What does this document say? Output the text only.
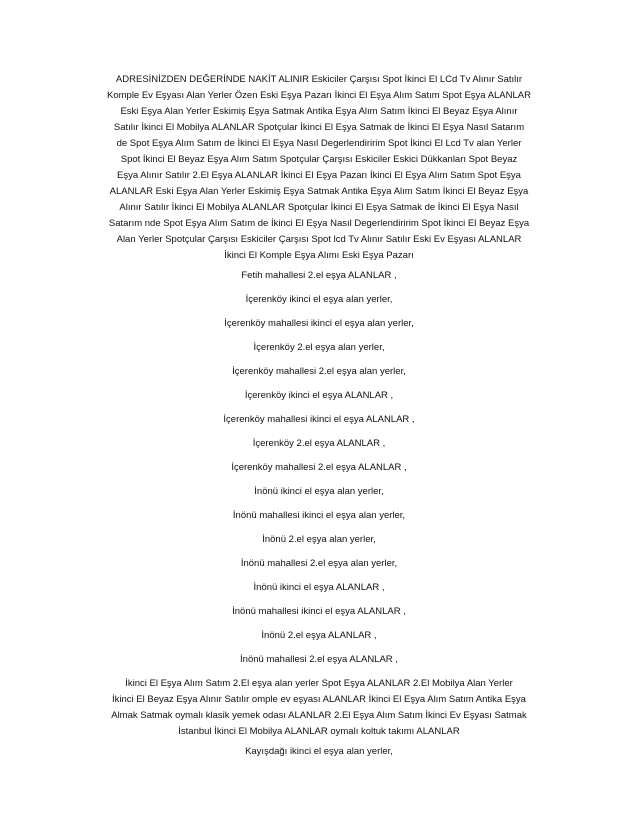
ADRESİNİZDEN DEĞERİNDE NAKİT ALINIR Eskiciler Çarşısı Spot İkinci El LCd Tv Alınır Satılır
Komple Ev Eşyası Alan Yerler Özen Eski Eşya Pazarı İkinci El Eşya Alım Satım Spot Eşya ALANLAR
Eski Eşya Alan Yerler Eskimiş Eşya Satmak Antika Eşya Alım Satım İkinci El Beyaz Eşya Alınır
Satılır İkinci El Mobilya ALANLAR Spotçular İkinci El Eşya Satmak de İkinci El Eşya Nasıl Satarım
de Spot Eşya Alım Satım de İkinci El Eşya Nasıl Degerlendiririm Spot İkinci El Lcd Tv alan Yerler
Spot İkinci El Beyaz Eşya Alım Satım Spotçular Çarşısı Eskiciler Eskici Dükkanları Spot Beyaz
Eşya Alınır Satılır 2.El Eşya ALANLAR İkinci El Eşya Pazarı İkinci El Eşya Alım Satım Spot Eşya
ALANLAR Eski Eşya Alan Yerler Eskimiş Eşya Satmak Antika Eşya Alım Satım İkinci El Beyaz Eşya
Alınır Satılır İkinci El Mobilya ALANLAR Spotçular İkinci El Eşya Satmak de İkinci El Eşya Nasıl
Satarım nde Spot Eşya Alım Satım de İkinci El Eşya Nasıl Degerlendiririm Spot İkinci El Beyaz Eşya
Alan Yerler Spotçular Çarşısı Eskiciler Çarşısı Spot lcd Tv Alınır Satılır Eski Ev Eşyası ALANLAR
İkinci El Komple Eşya Alımı Eski Eşya Pazarı
Fetih mahallesi 2.el eşya ALANLAR ,
İçerenköy ikinci el eşya alan yerler,
İçerenköy mahallesi ikinci el eşya alan yerler,
İçerenköy 2.el eşya alan yerler,
İçerenköy mahallesi 2.el eşya alan yerler,
İçerenköy ikinci el eşya ALANLAR ,
İçerenköy mahallesi ikinci el eşya ALANLAR ,
İçerenköy 2.el eşya ALANLAR ,
İçerenköy mahallesi 2.el eşya ALANLAR ,
İnönü ikinci el eşya alan yerler,
İnönü mahallesi ikinci el eşya alan yerler,
İnönü 2.el eşya alan yerler,
İnönü mahallesi 2.el eşya alan yerler,
İnönü ikinci el eşya ALANLAR ,
İnönü mahallesi ikinci el eşya ALANLAR ,
İnönü 2.el eşya ALANLAR ,
İnönü mahallesi 2.el eşya ALANLAR ,
İkinci El Eşya Alım Satım 2.El eşya alan yerler Spot Eşya ALANLAR 2.El Mobilya Alan Yerler
İkinci El Beyaz Eşya Alınır Satılır omple ev eşyası ALANLAR İkinci El Eşya Alım Satım Antika Eşya
Almak Satmak oymalı klasik yemek odası ALANLAR 2.El Eşya Alım Satım İkinci Ev Eşyası Satmak
İstanbul İkinci El Mobilya ALANLAR oymalı koltuk takımı ALANLAR
Kayışdağı ikinci el eşya alan yerler,
